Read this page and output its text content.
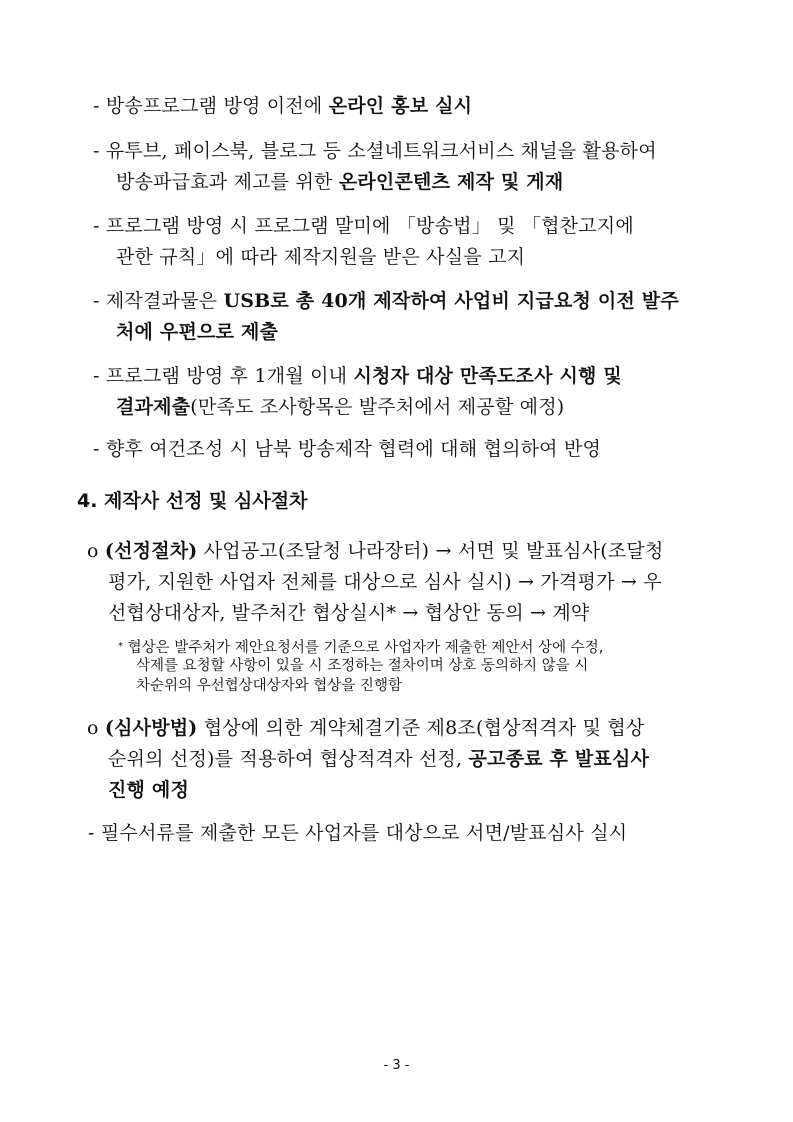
- 방송프로그램 방영 이전에 온라인 홍보 실시
- 유투브, 페이스북, 블로그 등 소셜네트워크서비스 채널을 활용하여
방송파급효과 제고를 위한 온라인콘텐츠 제작 및 게재
- 프로그램 방영 시 프로그램 말미에 「방송법」 및 「협찬고지에
관한 규칙」에 따라 제작지원을 받은 사실을 고지
- 제작결과물은 USB로 총 40개 제작하여 사업비 지급요청 이전 발주
처에 우편으로 제출
- 프로그램 방영 후 1개월 이내 시청자 대상 만족도조사 시행 및
결과제출(만족도 조사항목은 발주처에서 제공할 예정)
- 향후 여건조성 시 남북 방송제작 협력에 대해 협의하여 반영
4. 제작사 선정 및 심사절차
o (선정절차) 사업공고(조달청 나라장터) → 서면 및 발표심사(조달청
평가, 지원한 사업자 전체를 대상으로 심사 실시) → 가격평가 → 우
선협상대상자, 발주처간 협상실시* → 협상안 동의 → 계약
* 협상은 발주처가 제안요청서를 기준으로 사업자가 제출한 제안서 상에 수정,
삭제를 요청할 사항이 있을 시 조정하는 절차이며 상호 동의하지 않을 시
차순위의 우선협상대상자와 협상을 진행함
o (심사방법) 협상에 의한 계약체결기준 제8조(협상적격자 및 협상
순위의 선정)를 적용하여 협상적격자 선정, 공고종료 후 발표심사
진행 예정
- 필수서류를 제출한 모든 사업자를 대상으로 서면/발표심사 실시
- 3 -
